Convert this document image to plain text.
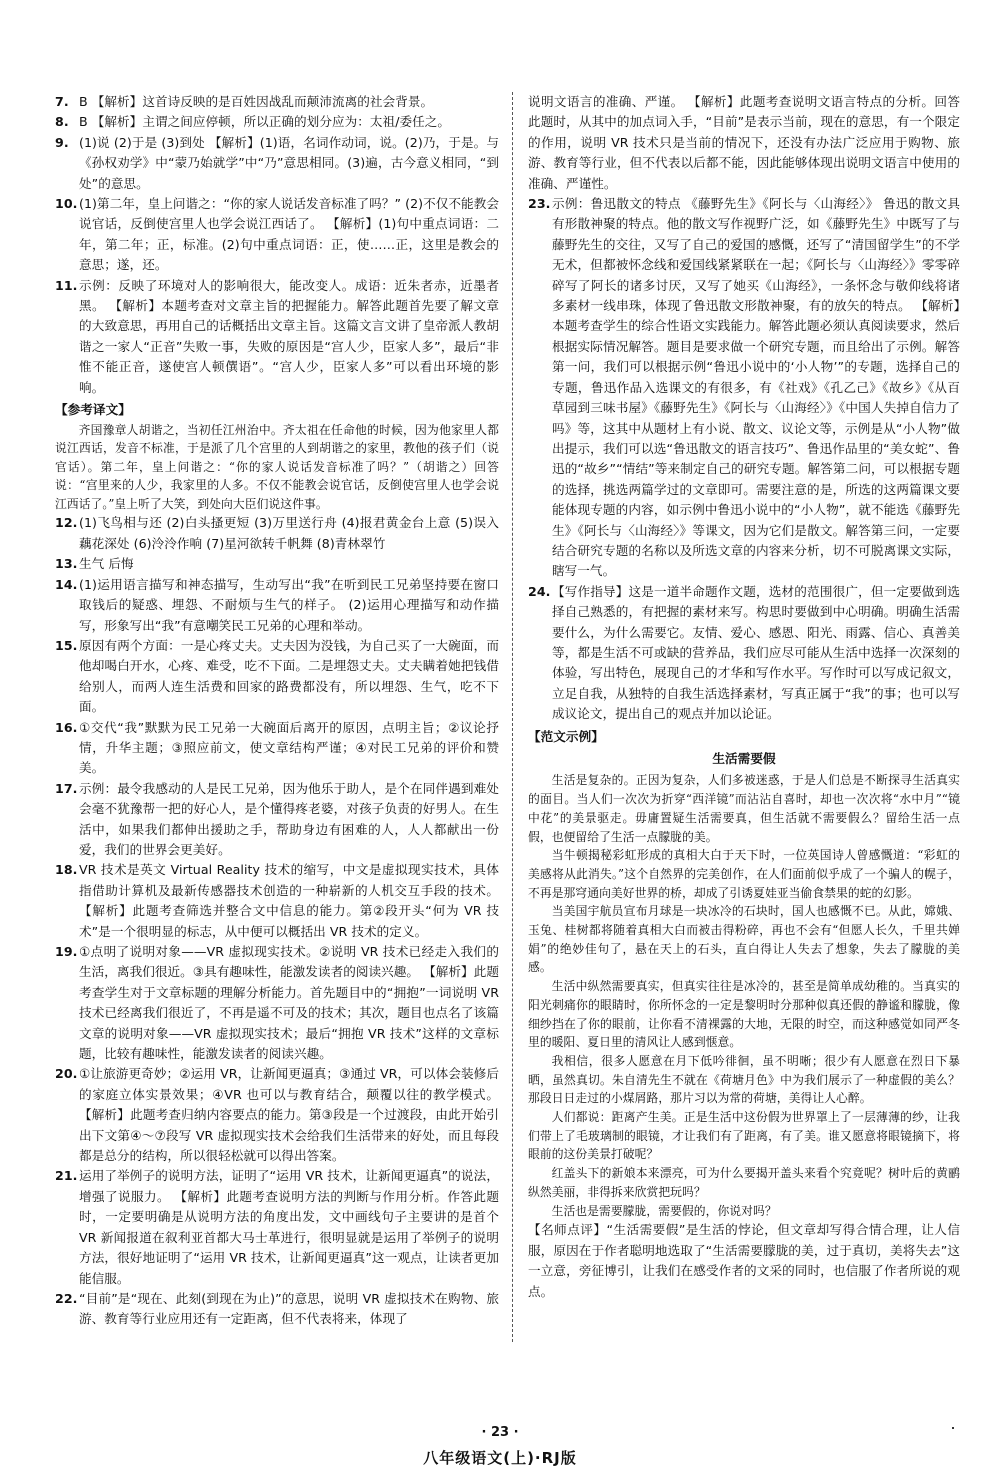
7. B 【解析】这首诗反映的是百姓因战乱而颠沛流离的社会背景。

8. B 【解析】主谓之间应停顿，所以正确的划分应为：太祖/委任之。

9. (1)说 (2)于是 (3)到处 【解析】(1)语，名词作动词，说。(2)乃，于是。与《孙权劝学》中“蒙乃始就学”中“乃”意思相同。(3)遍，古今意义相同，“到处”的意思。

10. (1)第二年，皇上问谐之：“你的家人说话发音标准了吗？” (2)不仅不能教会说官话，反倒使宫里人也学会说江西话了。 【解析】(1)句中重点词语：二年，第二年；正，标准。(2)句中重点词语：正，使……正，这里是教会的意思；遂，还。

11. 示例：反映了环境对人的影响很大，能改变人。成语：近朱者赤，近墨者黑。 【解析】本题考查对文章主旨的把握能力。解答此题首先要了解文章的大致意思，再用自己的话概括出文章主旨。这篇文言文讲了皇帝派人教胡谐之一家人“正音”失败一事，失败的原因是“宫人少，臣家人多”，最后“非惟不能正音，遂使宫人顿僎语”。“宫人少，臣家人多”可以看出环境的影响。

【参考译文】

齐国豫章人胡谐之，当初任江州治中。齐太祖在任命他的时候，因为他家里人都说江西话，发音不标准，于是派了几个宫里的人到胡谐之的家里，教他的孩子们（说官话）。第二年，皇上问谐之：“你的家人说话发音标准了吗？”（胡谐之）回答说：“宫里来的人少，我家里的人多。不仅不能教会说官话，反倒使宫里人也学会说江西话了。”皇上听了大笑，到处向大臣们说这件事。

12. (1)飞鸟相与还 (2)白头搔更短 (3)万里送行舟 (4)报君黄金台上意 (5)误入藕花深处 (6)泠泠作响 (7)星河欲转千帆舞 (8)青林翠竹

13. 生气 后悔

14. (1)运用语言描写和神态描写，生动写出“我”在听到民工兄弟坚持要在窗口取钱后的疑惑、埋怨、不耐烦与生气的样子。 (2)运用心理描写和动作描写，形象写出“我”有意嘲笑民工兄弟的心理和举动。

15. 原因有两个方面：一是心疼丈夫。丈夫因为没钱，为自己买了一大碗面，而他却喝白开水，心疼、难受，吃不下面。二是埋怨丈夫。丈夫瞒着她把钱借给别人，而两人连生活费和回家的路费都没有，所以埋怨、生气，吃不下面。

16. ①交代“我”默默为民工兄弟一大碗面后离开的原因，点明主旨；②议论抒情，升华主题；③照应前文，使文章结构严谨；④对民工兄弟的评价和赞美。

17. 示例：最令我感动的人是民工兄弟，因为他乐于助人，是个在同伴遇到难处会毫不犹豫帮一把的好心人，是个懂得疼老婆，对孩子负责的好男人。在生活中，如果我们都伸出援助之手，帮助身边有困难的人，人人都献出一份爱，我们的世界会更美好。

18. VR 技术是英文 Virtual Reality 技术的缩写，中文是虚拟现实技术，具体指借助计算机及最新传感器技术创造的一种崭新的人机交互手段的技术。 【解析】此题考查筛选并整合文中信息的能力。第②段开头“何为 VR 技术”是一个很明显的标志，从中便可以概括出 VR 技术的定义。

19. ①点明了说明对象——VR 虚拟现实技术。②说明 VR 技术已经走入我们的生活，离我们很近。③具有趣味性，能激发读者的阅读兴趣。 【解析】此题考查学生对于文章标题的理解分析能力。首先题目中的“拥抱”一词说明 VR 技术已经离我们很近了，不再是遥不可及的技术；其次，题目也点名了该篇文章的说明对象——VR 虚拟现实技术；最后“拥抱 VR 技术”这样的文章标题，比较有趣味性，能激发读者的阅读兴趣。

20. ①让旅游更奇妙；②运用 VR，让新闻更逼真；③通过 VR，可以体会装修后的家庭立体实景效果；④VR 也可以与教育结合，颠覆以往的教学模式。 【解析】此题考查归纳内容要点的能力。第③段是一个过渡段，由此开始引出下文第④～⑦段写 VR 虚拟现实技术会给我们生活带来的好处，而且每段都是总分的结构，所以很轻松就可以得出答案。

21. 运用了举例子的说明方法，证明了“运用 VR 技术，让新闻更逼真”的说法，增强了说服力。 【解析】此题考查说明方法的判断与作用分析。作答此题时，一定要明确是从说明方法的角度出发，文中画线句子主要讲的是首个 VR 新闻报道在叙利亚首都大马士革进行，很明显就是运用了举例子的说明方法，很好地证明了“运用 VR 技术，让新闻更逼真”这一观点，让读者更加能信服。

22. “目前”是“现在、此刻(到现在为止)”的意思，说明 VR 虚拟技术在购物、旅游、教育等行业应用还有一定距离，但不代表将来，体现了

说明文语言的准确、严谨。 【解析】此题考查说明文语言特点的分析。回答此题时，从其中的加点词入手，“目前”是表示当前，现在的意思，有一个限定的作用，说明 VR 技术只是当前的情况下，还没有办法广泛应用于购物、旅游、教育等行业，但不代表以后都不能，因此能够体现出说明文语言中使用的准确、严谨性。

23. 示例：鲁迅散文的特点 《藤野先生》《阿长与〈山海经〉》 鲁迅的散文具有形散神聚的特点。他的散文写作视野广泛，如《藤野先生》中既写了与藤野先生的交往，又写了自己的爱国的感慨，还写了“清国留学生”的不学无术，但都被怀念线和爱国线紧紧联在一起；《阿长与〈山海经〉》零零碎碎写了阿长的诸多讨厌，又写了她买《山海经》，一条怀念与敬仰线将诸多素材一线串珠，体现了鲁迅散文形散神聚，有的放矢的特点。 【解析】本题考查学生的综合性语文实践能力。解答此题必须认真阅读要求，然后根据实际情况解答。题目是要求做一个研究专题，而且给出了示例。解答第一问，我们可以根据示例“鲁迅小说中的‘小人物’”的专题，选择自己的专题，鲁迅作品入选课文的有很多，有《社戏》《孔乙己》《故乡》《从百草园到三味书屋》《藤野先生》《阿长与〈山海经〉》《中国人失掉自信力了吗》等，这其中从题材上有小说、散文、议论文等，示例是从“小人物”做出提示，我们可以选“鲁迅散文的语言技巧”、鲁迅作品里的“美女蛇”、鲁迅的“故乡”“情结”等来制定自己的研究专题。解答第二问，可以根据专题的选择，挑选两篇学过的文章即可。需要注意的是，所选的这两篇课文要能体现专题的内容，如示例中鲁迅小说中的“小人物”，就不能选《藤野先生》《阿长与〈山海经〉》等课文，因为它们是散文。解答第三问，一定要结合研究专题的名称以及所选文章的内容来分析，切不可脱离课文实际，瞎写一气。

24. 【写作指导】这是一道半命题作文题，选材的范围很广，但一定要做到选择自己熟悉的，有把握的素材来写。构思时要做到中心明确。明确生活需要什么，为什么需要它。友情、爱心、感恩、阳光、雨露、信心、真善美等，都是生活不可或缺的营养品，我们应尽可能从生活中选择一次深刻的体验，写出特色，展现自己的才华和写作水平。写作时可以写成记叙文，立足自我，从独特的自我生活选择素材，写真正属于“我”的事；也可以写成议论文，提出自己的观点并加以论证。

【范文示例】

生活需要假

生活是复杂的。正因为复杂，人们多被迷惑，于是人们总是不断探寻生活真实的面目。当人们一次次为折穿“西洋镜”而沾沾自喜时，却也一次次将“水中月”“镜中花”的美景驱走。毋庸置疑生活需要真，但生活就不需要假么？留给生活一点假，也便留给了生活一点朦胧的美。

当牛顿揭秘彩虹形成的真相大白于天下时，一位英国诗人曾感慨道：“彩虹的美感将从此消失。”这个自然界的完美创作，在人们面前似乎成了一个骗人的幌子，不再是那穹通向美好世界的桥，却成了引诱夏娃亚当偷食禁果的蛇的幻影。

当美国宇航员宣布月球是一块冰冷的石块时，国人也感慨不已。从此，嫦娥、玉兔、桂树都将随着真相大白而被击得粉碎，再也不会有“但愿人长久，千里共婵娟”的绝妙佳句了，悬在天上的石头，直白得让人失去了想象，失去了朦胧的美感。

生活中纵然需要真实，但真实往往是冰冷的，甚至是简单成幼稚的。当真实的阳光刺痛你的眼睛时，你所怀念的一定是黎明时分那种似真还假的静谧和朦胧，像细纱挡在了你的眼前，让你看不清裸露的大地，无限的时空，而这种感觉如同严冬里的暖阳、夏日里的清风让人感到惬意。

我相信，很多人愿意在月下低吟徘徊，虽不明晰；很少有人愿意在烈日下暴晒，虽然真切。朱自清先生不就在《荷塘月色》中为我们展示了一种虚假的美么？那段日日走过的小煤屑路，那片习以为常的荷塘，美得让人心醉。

人们都说：距离产生美。正是生活中这份假为世界罩上了一层薄薄的纱，让我们带上了毛玻璃制的眼镜，才让我们有了距离，有了美。谁又愿意将眼镜摘下，将眼前的这份美景打破呢？

红盖头下的新娘本来漂亮，可为什么要揭开盖头来看个究竟呢？树叶后的黄鹂纵然美丽，非得拆来欣赏把玩吗？

生活也是需要朦胧，需要假的，你说对吗？

【名师点评】“生活需要假”是生活的悖论，但文章却写得合情合理，让人信服，原因在于作者聪明地选取了“生活需要朦胧的美，过于真切，美将失去”这一立意，旁征博引，让我们在感受作者的文采的同时，也信服了作者所说的观点。

· 23 ·
八年级语文(上)·RJ版
